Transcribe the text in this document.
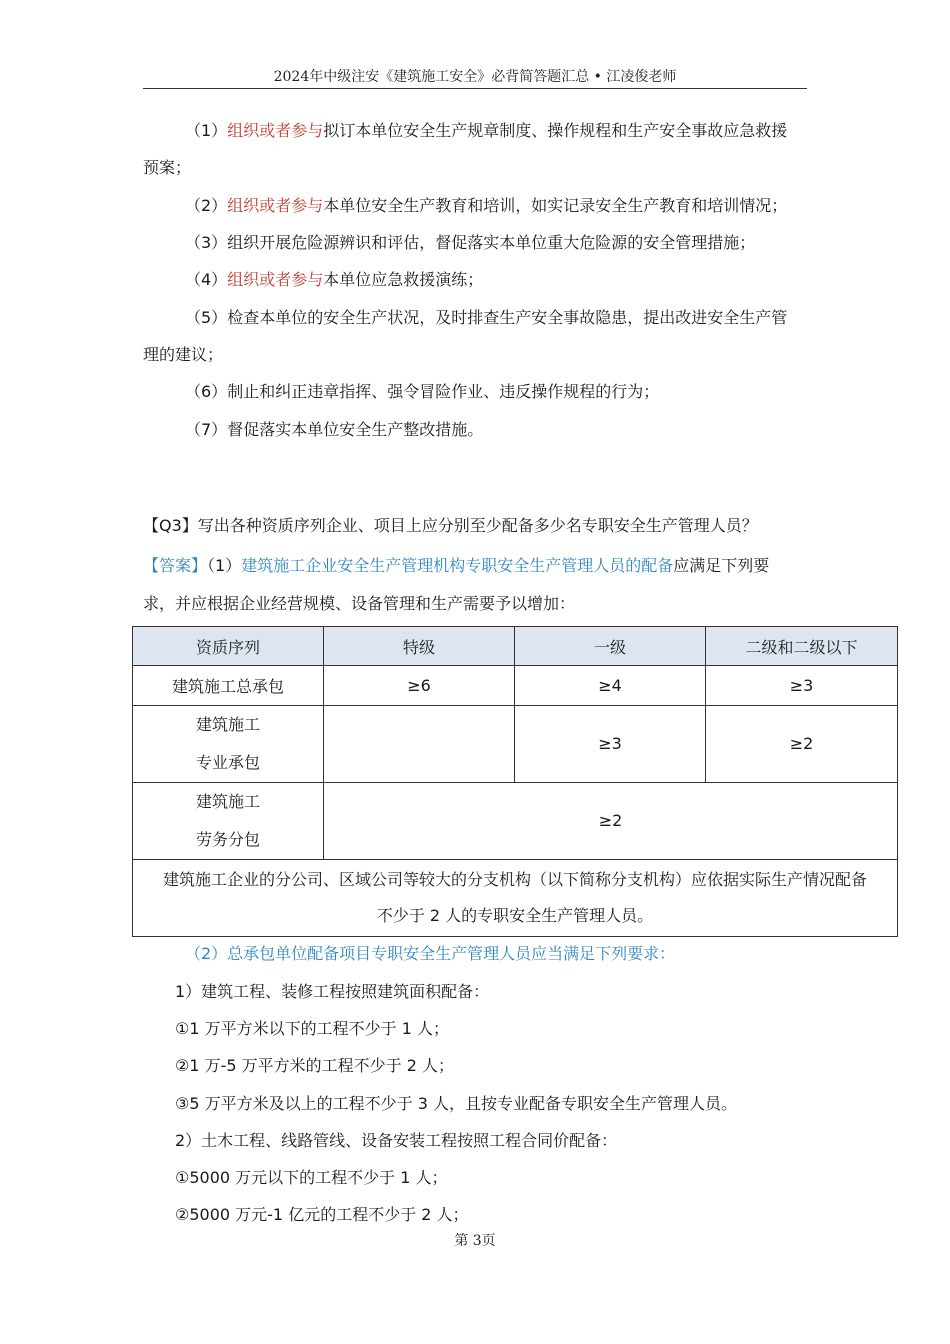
2024年中级注安《建筑施工安全》必背简答题汇总 • 江凌俊老师
（1）组织或者参与拟订本单位安全生产规章制度、操作规程和生产安全事故应急救援
预案；
（2）组织或者参与本单位安全生产教育和培训，如实记录安全生产教育和培训情况；
（3）组织开展危险源辨识和评估，督促落实本单位重大危险源的安全管理措施；
（4）组织或者参与本单位应急救援演练；
（5）检查本单位的安全生产状况，及时排查生产安全事故隐患，提出改进安全生产管
理的建议；
（6）制止和纠正违章指挥、强令冒险作业、违反操作规程的行为；
（7）督促落实本单位安全生产整改措施。
【Q3】写出各种资质序列企业、项目上应分别至少配备多少名专职安全生产管理人员？
【答案】（1）建筑施工企业安全生产管理机构专职安全生产管理人员的配备应满足下列要
求，并应根据企业经营规模、设备管理和生产需要予以增加：
资质序列	特级	一级	二级和二级以下
建筑施工总承包	≥6	≥4	≥3
建筑施工
专业承包		≥3	≥2
建筑施工
劳务分包	≥2		
建筑施工企业的分公司、区域公司等较大的分支机构（以下简称分支机构）应依据实际生产情况配备
不少于 2 人的专职安全生产管理人员。			
（2）总承包单位配备项目专职安全生产管理人员应当满足下列要求：
1）建筑工程、装修工程按照建筑面积配备：
①1 万平方米以下的工程不少于 1 人；
②1 万-5 万平方米的工程不少于 2 人；
③5 万平方米及以上的工程不少于 3 人，且按专业配备专职安全生产管理人员。
2）土木工程、线路管线、设备安装工程按照工程合同价配备：
①5000 万元以下的工程不少于 1 人；
②5000 万元-1 亿元的工程不少于 2 人；
第 3页
